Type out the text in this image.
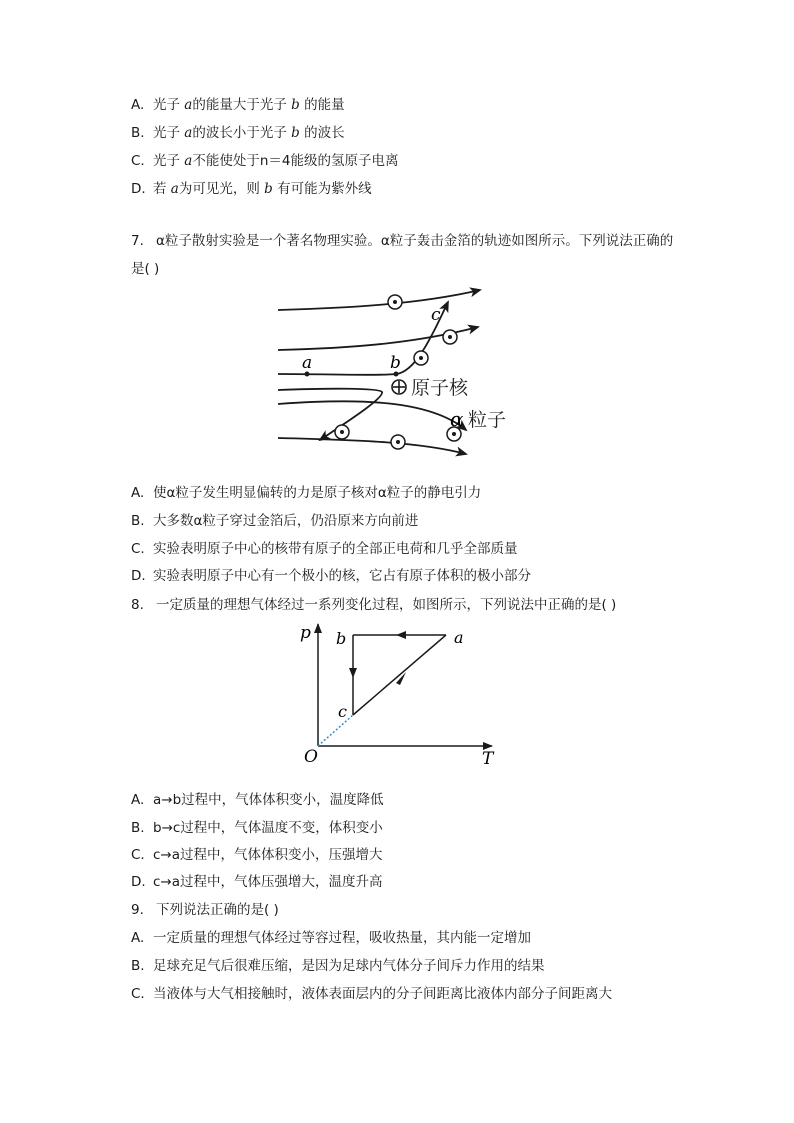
A. 光子 a的能量大于光子 b 的能量
B. 光子 a的波长小于光子 b 的波长
C. 光子 a不能使处于n＝4能级的氢原子电离
D. 若 a为可见光，则 b 有可能为紫外线
7. α粒子散射实验是一个著名物理实验。α粒子轰击金箔的轨迹如图所示。下列说法正确的
是( )
a	b
c
原子核
α 粒子
A. 使α粒子发生明显偏转的力是原子核对α粒子的静电引力
B. 大多数α粒子穿过金箔后，仍沿原来方向前进
C. 实验表明原子中心的核带有原子的全部正电荷和几乎全部质量
D. 实验表明原子中心有一个极小的核，它占有原子体积的极小部分
8. 一定质量的理想气体经过一系列变化过程，如图所示，下列说法中正确的是( )
p
T
O
b	a
c
A. a→b过程中，气体体积变小，温度降低
B. b→c过程中，气体温度不变，体积变小
C. c→a过程中，气体体积变小，压强增大
D. c→a过程中，气体压强增大，温度升高
9. 下列说法正确的是( )
A. 一定质量的理想气体经过等容过程，吸收热量，其内能一定增加
B. 足球充足气后很难压缩，是因为足球内气体分子间斥力作用的结果
C. 当液体与大气相接触时，液体表面层内的分子间距离比液体内部分子间距离大
